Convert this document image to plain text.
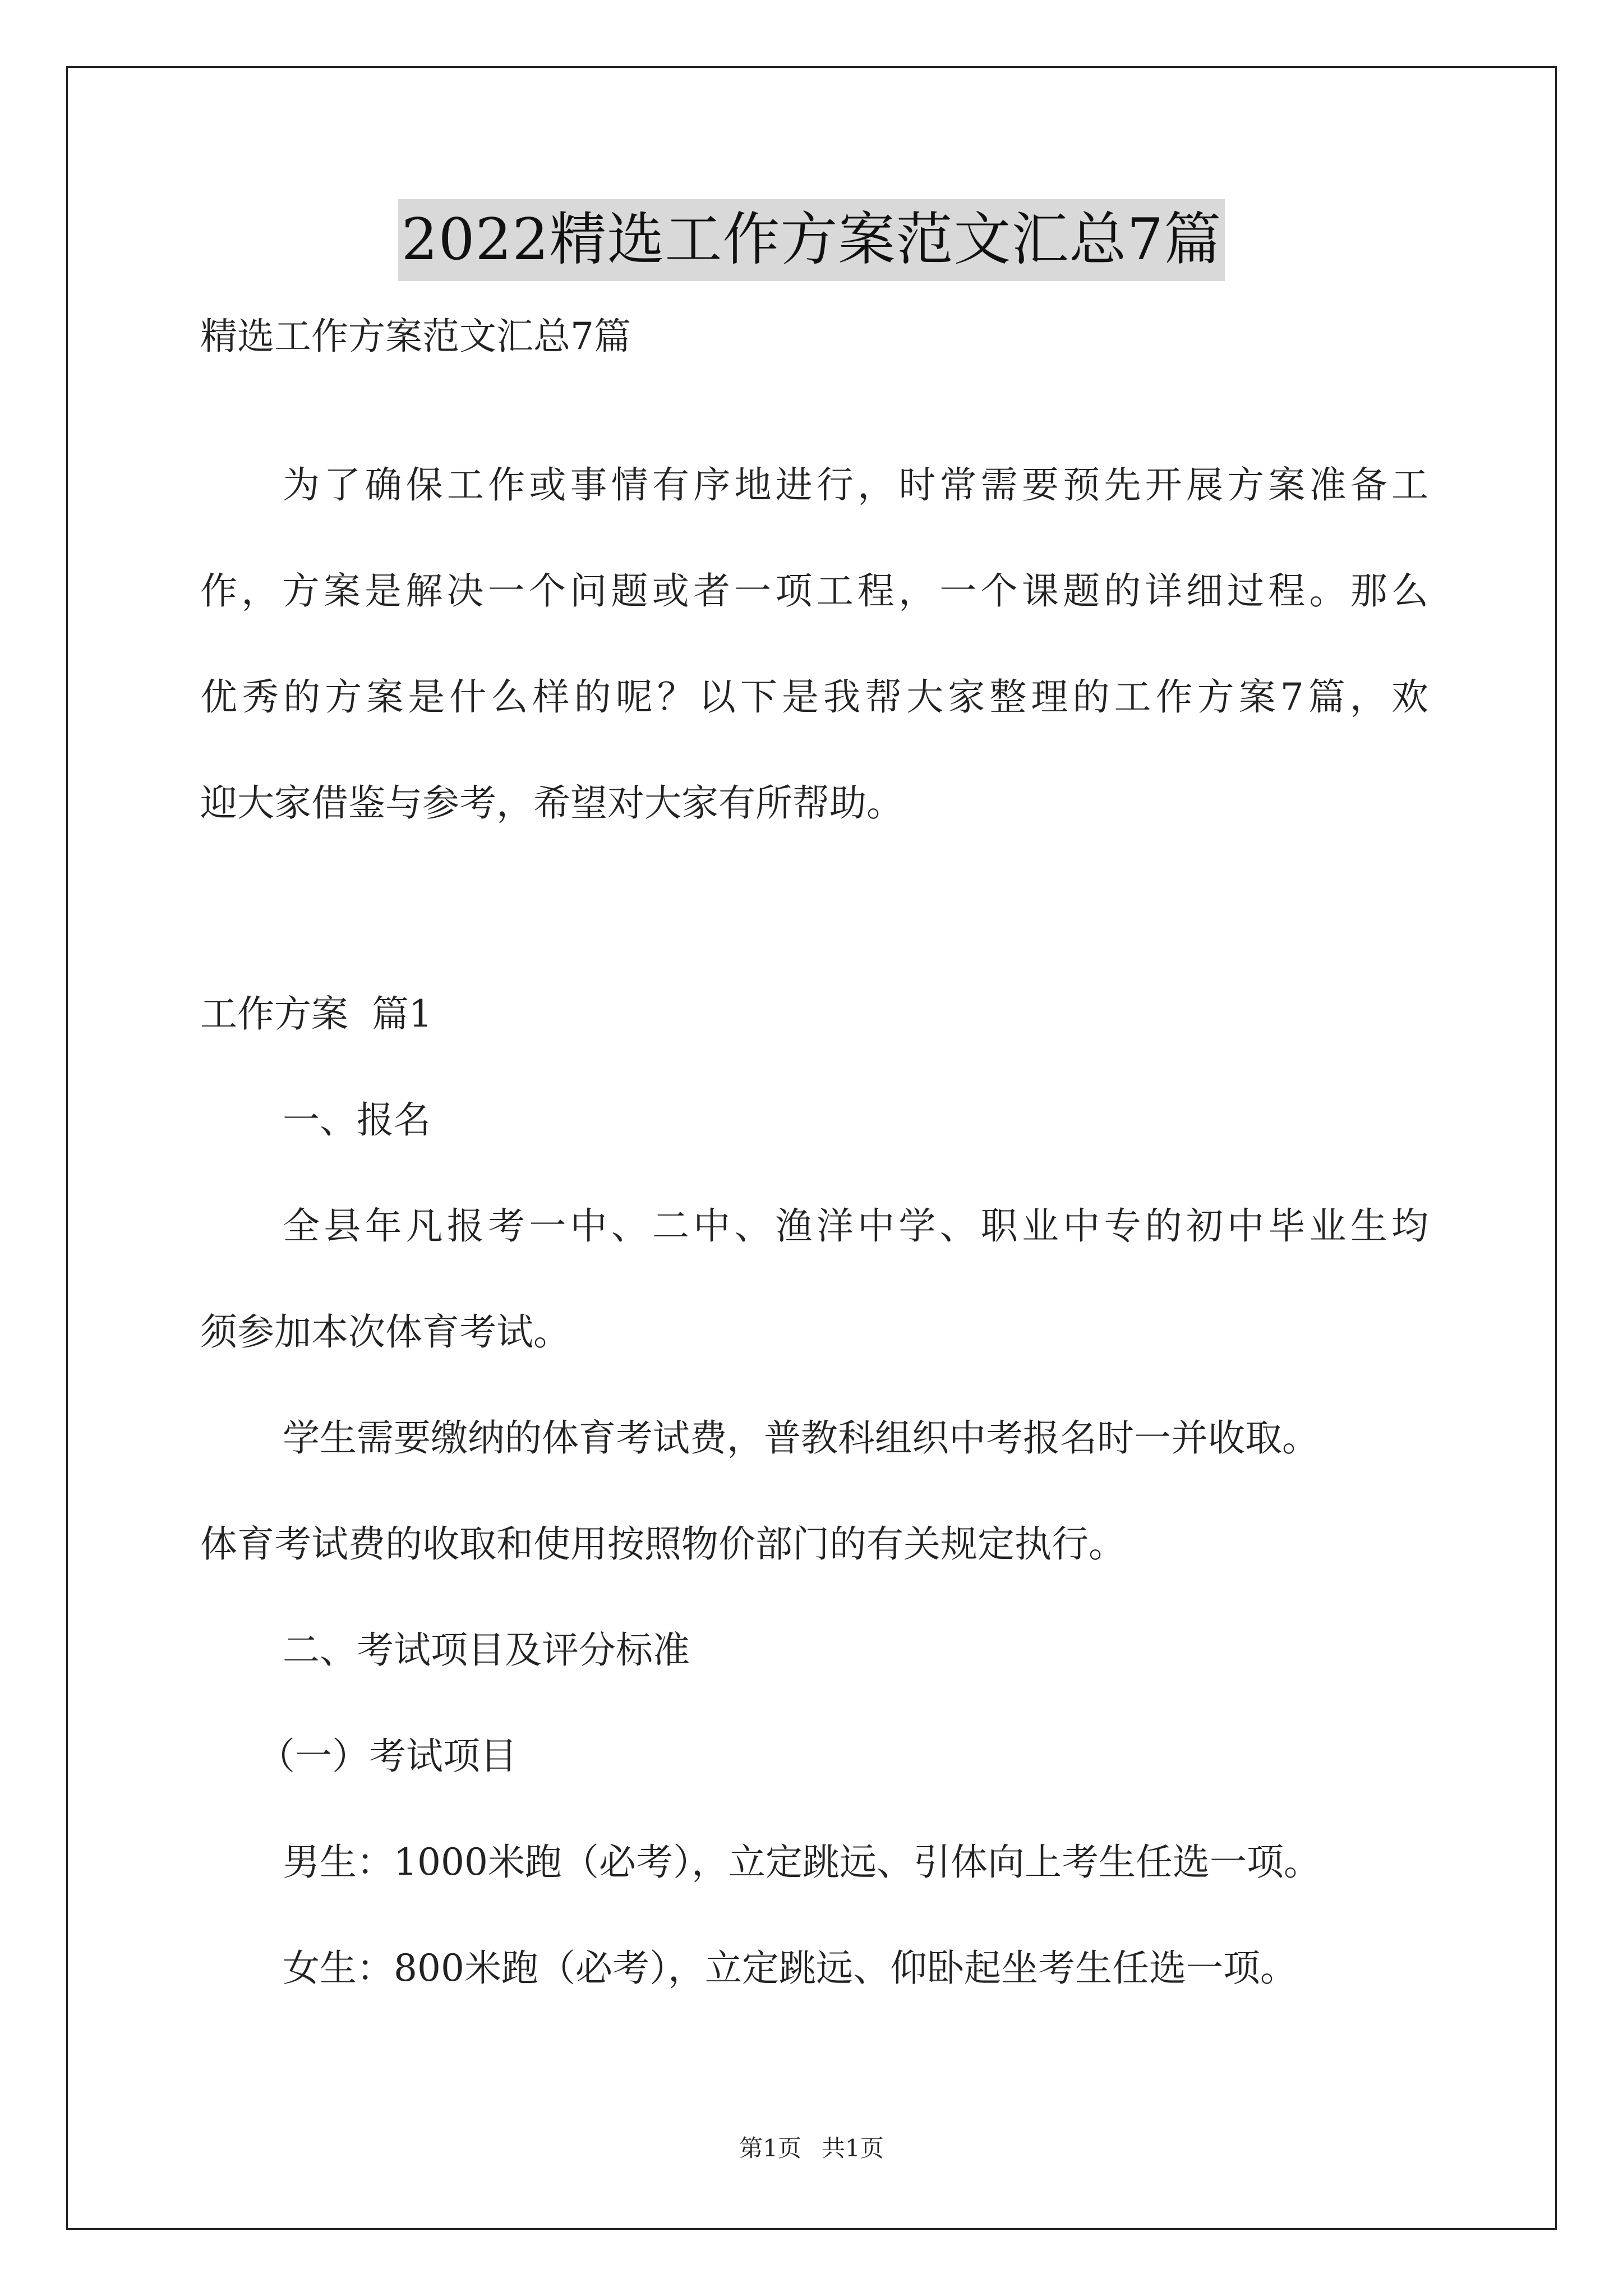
2022精选工作方案范文汇总7篇
精选工作方案范文汇总7篇
为了确保工作或事情有序地进行，时常需要预先开展方案准备工
作，方案是解决一个问题或者一项工程，一个课题的详细过程。那么
优秀的方案是什么样的呢？以下是我帮大家整理的工作方案7篇，欢
迎大家借鉴与参考，希望对大家有所帮助。
工作方案  篇1
一、报名
全县年凡报考一中、二中、渔洋中学、职业中专的初中毕业生均
须参加本次体育考试。
学生需要缴纳的体育考试费，普教科组织中考报名时一并收取。
体育考试费的收取和使用按照物价部门的有关规定执行。
二、考试项目及评分标准
（一）考试项目
男生：1000米跑（必考），立定跳远、引体向上考生任选一项。
女生：800米跑（必考），立定跳远、仰卧起坐考生任选一项。
第1页 共1页
